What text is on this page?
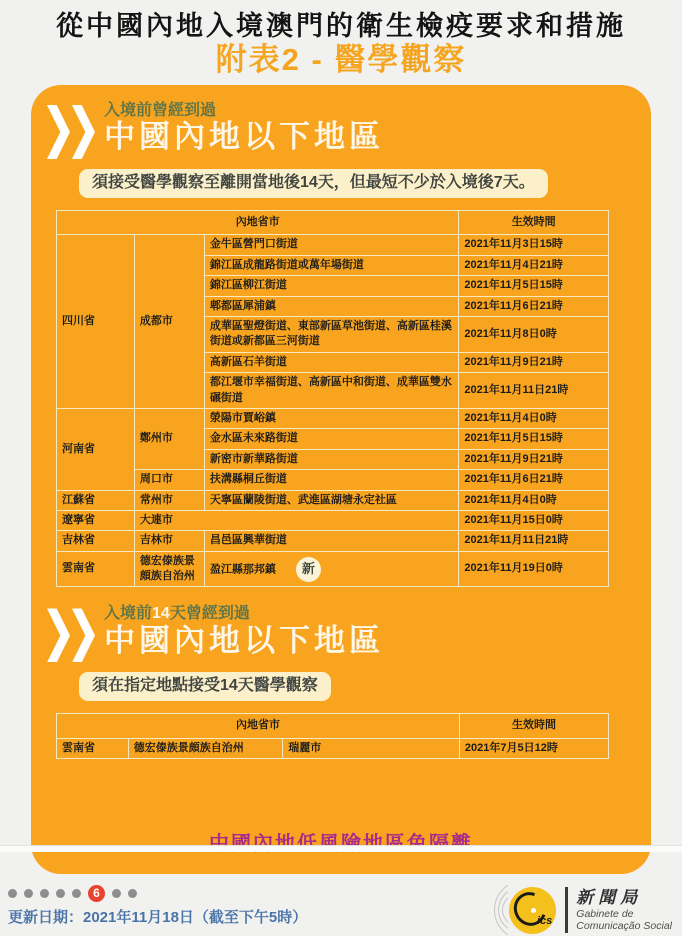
從中國內地入境澳門的衛生檢疫要求和措施
附表2 - 醫學觀察
入境前曾經到過
中國內地以下地區
須接受醫學觀察至離開當地後14天，但最短不少於入境後7天。
內地省市			生效時間
四川省	成都市	金牛區營門口街道	2021年11月3日15時
		錦江區成龍路街道或萬年場街道	2021年11月4日21時
		錦江區柳江街道	2021年11月5日15時
		郫都區犀浦鎮	2021年11月6日21時
		成華區聖燈街道、東部新區草池街道、高新區桂溪街道或新都區三河街道	2021年11月8日0時
		高新區石羊街道	2021年11月9日21時
		都江堰市幸福街道、高新區中和街道、成華區雙水碾街道	2021年11月11日21時
河南省	鄭州市	滎陽市賈峪鎮	2021年11月4日0時
		金水區未來路街道	2021年11月5日15時
		新密市新華路街道	2021年11月9日21時
	周口市	扶溝縣桐丘街道	2021年11月6日21時
江蘇省	常州市	天寧區蘭陵街道、武進區湖塘永定社區	2021年11月4日0時
遼寧省	大連市		2021年11月15日0時
吉林省	吉林市	昌邑區興華街道	2021年11月11日21時
雲南省	德宏傣族景頗族自治州	盈江縣那邦鎮 新	2021年11月19日0時
入境前14天曾經到過
中國內地以下地區
須在指定地點接受14天醫學觀察
內地省市			生效時間
雲南省	德宏傣族景頗族自治州	瑞麗市	2021年7月5日12時
6
更新日期：2021年11月18日（截至下午5時）	ics
新聞局
Gabinete de
Comunicação Social
